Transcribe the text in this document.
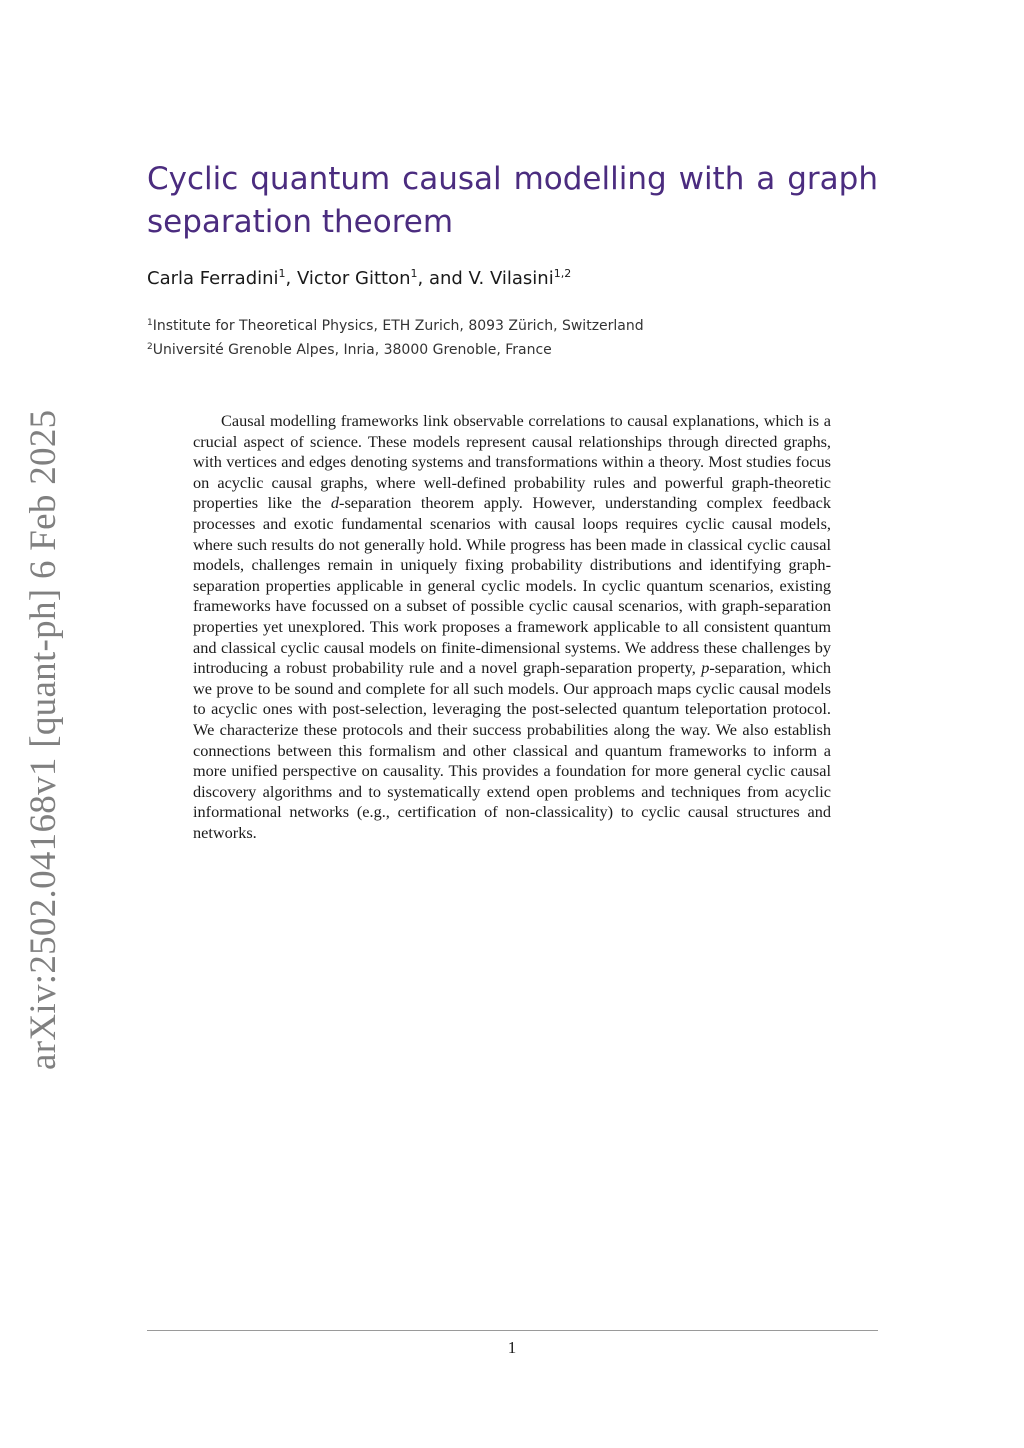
arXiv:2502.04168v1 [quant-ph] 6 Feb 2025
Cyclic quantum causal modelling with a graph
separation theorem
Carla Ferradini$^1$, Victor Gitton$^1$, and V. Vilasini$^{1,2}$
$^1$Institute for Theoretical Physics, ETH Zurich, 8093 Zürich, Switzerland
$^2$Université Grenoble Alpes, Inria, 38000 Grenoble, France

Causal modelling frameworks link observable correlations to causal explanations, which is a crucial aspect of science. These models represent causal relationships through directed graphs, with vertices and edges denoting systems and transformations within a theory. Most studies focus on acyclic causal graphs, where well-defined probability rules and powerful graph-theoretic properties like the d-separation theorem apply. However, understanding complex feedback processes and exotic fundamental scenarios with causal loops requires cyclic causal models, where such results do not generally hold. While progress has been made in classical cyclic causal models, challenges remain in uniquely fixing probability distributions and identifying graph-separation properties applicable in general cyclic models. In cyclic quantum scenarios, existing frameworks have focussed on a subset of possible cyclic causal scenarios, with graph-separation properties yet unexplored. This work proposes a framework applicable to all consistent quantum and classical cyclic causal models on finite-dimensional systems. We address these challenges by introducing a robust probability rule and a novel graph-separation property, p-separation, which we prove to be sound and complete for all such models. Our approach maps cyclic causal models to acyclic ones with post-selection, leveraging the post-selected quantum teleportation protocol. We characterize these protocols and their success probabilities along the way. We also establish connections between this formalism and other classical and quantum frameworks to inform a more unified perspective on causality. This provides a foundation for more general cyclic causal discovery algorithms and to systematically extend open problems and techniques from acyclic informational networks (e.g., certification of non-classicality) to cyclic causal structures and networks.

1
